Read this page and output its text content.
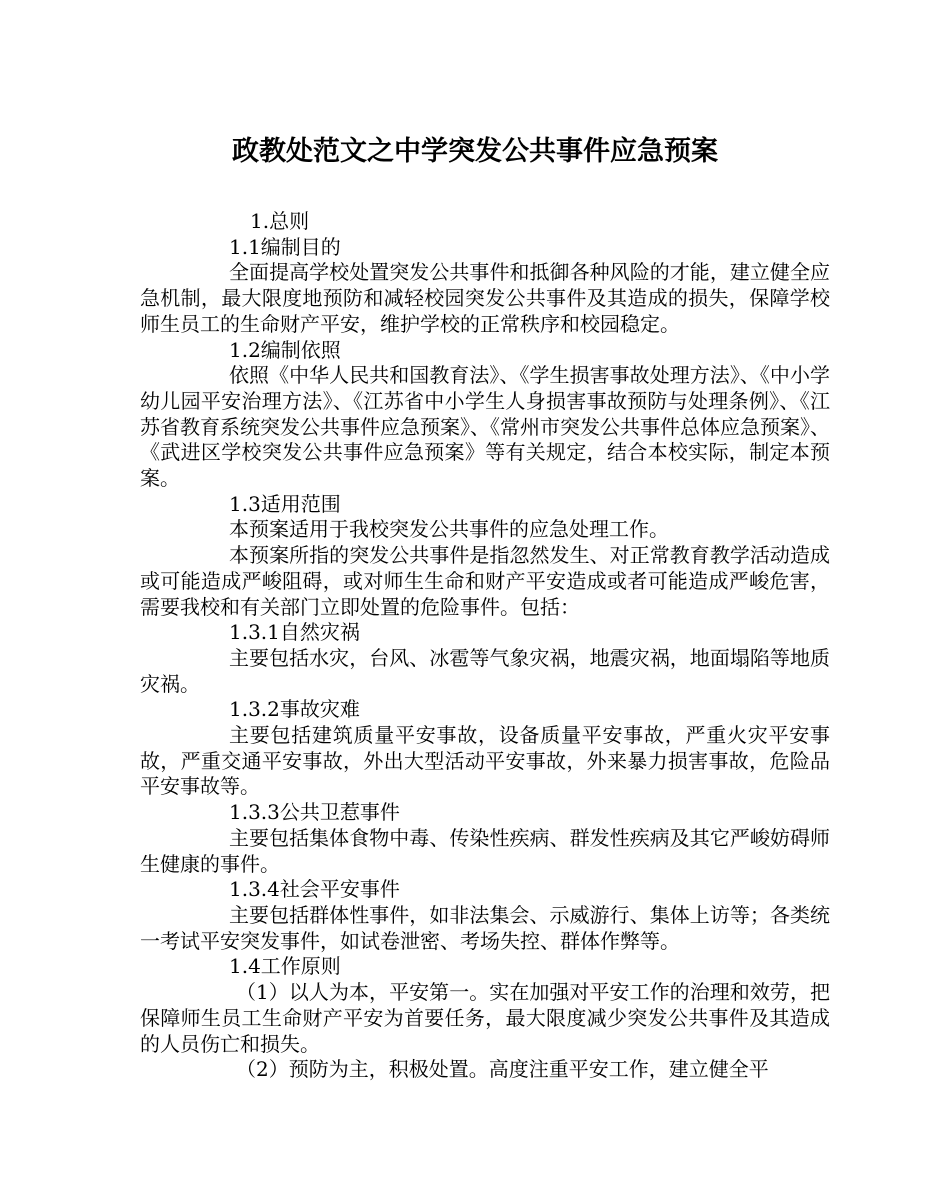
政教处范文之中学突发公共事件应急预案

1.总则

1.1编制目的

全面提高学校处置突发公共事件和抵御各种风险的才能，建立健全应急机制，最大限度地预防和减轻校园突发公共事件及其造成的损失，保障学校师生员工的生命财产平安，维护学校的正常秩序和校园稳定。

1.2编制依照

依照《中华人民共和国教育法》、《学生损害事故处理方法》、《中小学幼儿园平安治理方法》、《江苏省中小学生人身损害事故预防与处理条例》、《江苏省教育系统突发公共事件应急预案》、《常州市突发公共事件总体应急预案》、《武进区学校突发公共事件应急预案》等有关规定，结合本校实际，制定本预案。

1.3适用范围

本预案适用于我校突发公共事件的应急处理工作。

本预案所指的突发公共事件是指忽然发生、对正常教育教学活动造成或可能造成严峻阻碍，或对师生生命和财产平安造成或者可能造成严峻危害，需要我校和有关部门立即处置的危险事件。包括：

1.3.1自然灾祸

主要包括水灾，台风、冰雹等气象灾祸，地震灾祸，地面塌陷等地质灾祸。

1.3.2事故灾难

主要包括建筑质量平安事故，设备质量平安事故，严重火灾平安事故，严重交通平安事故，外出大型活动平安事故，外来暴力损害事故，危险品平安事故等。

1.3.3公共卫惹事件

主要包括集体食物中毒、传染性疾病、群发性疾病及其它严峻妨碍师生健康的事件。

1.3.4社会平安事件

主要包括群体性事件，如非法集会、示威游行、集体上访等；各类统一考试平安突发事件，如试卷泄密、考场失控、群体作弊等。

1.4工作原则

（1）以人为本，平安第一。实在加强对平安工作的治理和效劳，把保障师生员工生命财产平安为首要任务，最大限度减少突发公共事件及其造成的人员伤亡和损失。

（2）预防为主，积极处置。高度注重平安工作，建立健全平
